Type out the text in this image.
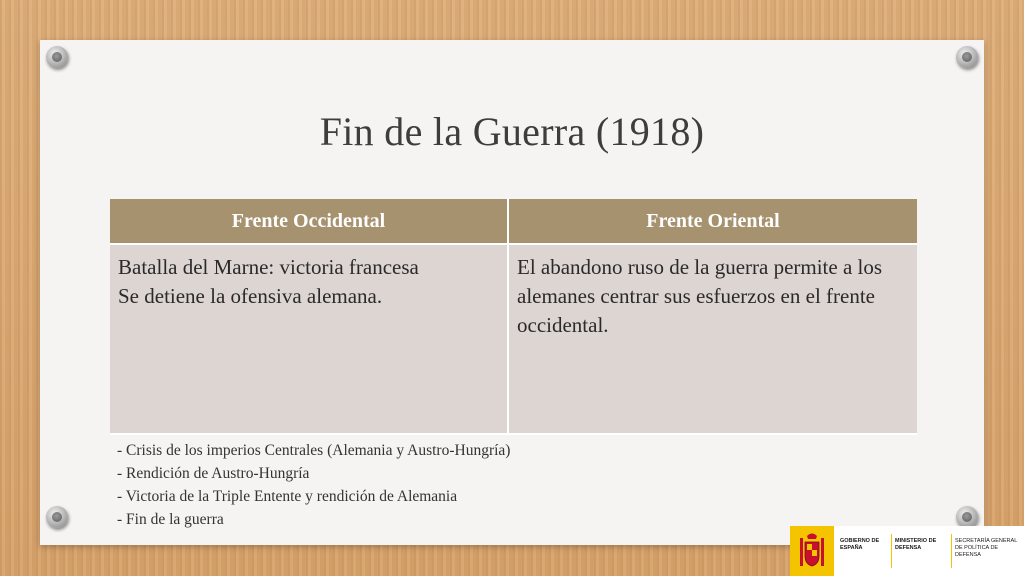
Fin de la Guerra (1918)
Frente Occidental	Frente Oriental
Batalla del Marne: victoria francesa
Se detiene la ofensiva alemana.
El abandono ruso de la guerra permite a los alemanes centrar sus esfuerzos en el frente occidental.
- Crisis de los imperios Centrales (Alemania y Austro-Hungría)
- Rendición de Austro-Hungría
- Victoria de la Triple Entente y rendición de Alemania
- Fin de la guerra
GOBIERNO DE ESPAÑA
MINISTERIO DE DEFENSA
SECRETARÍA GENERAL DE POLÍTICA DE DEFENSA
